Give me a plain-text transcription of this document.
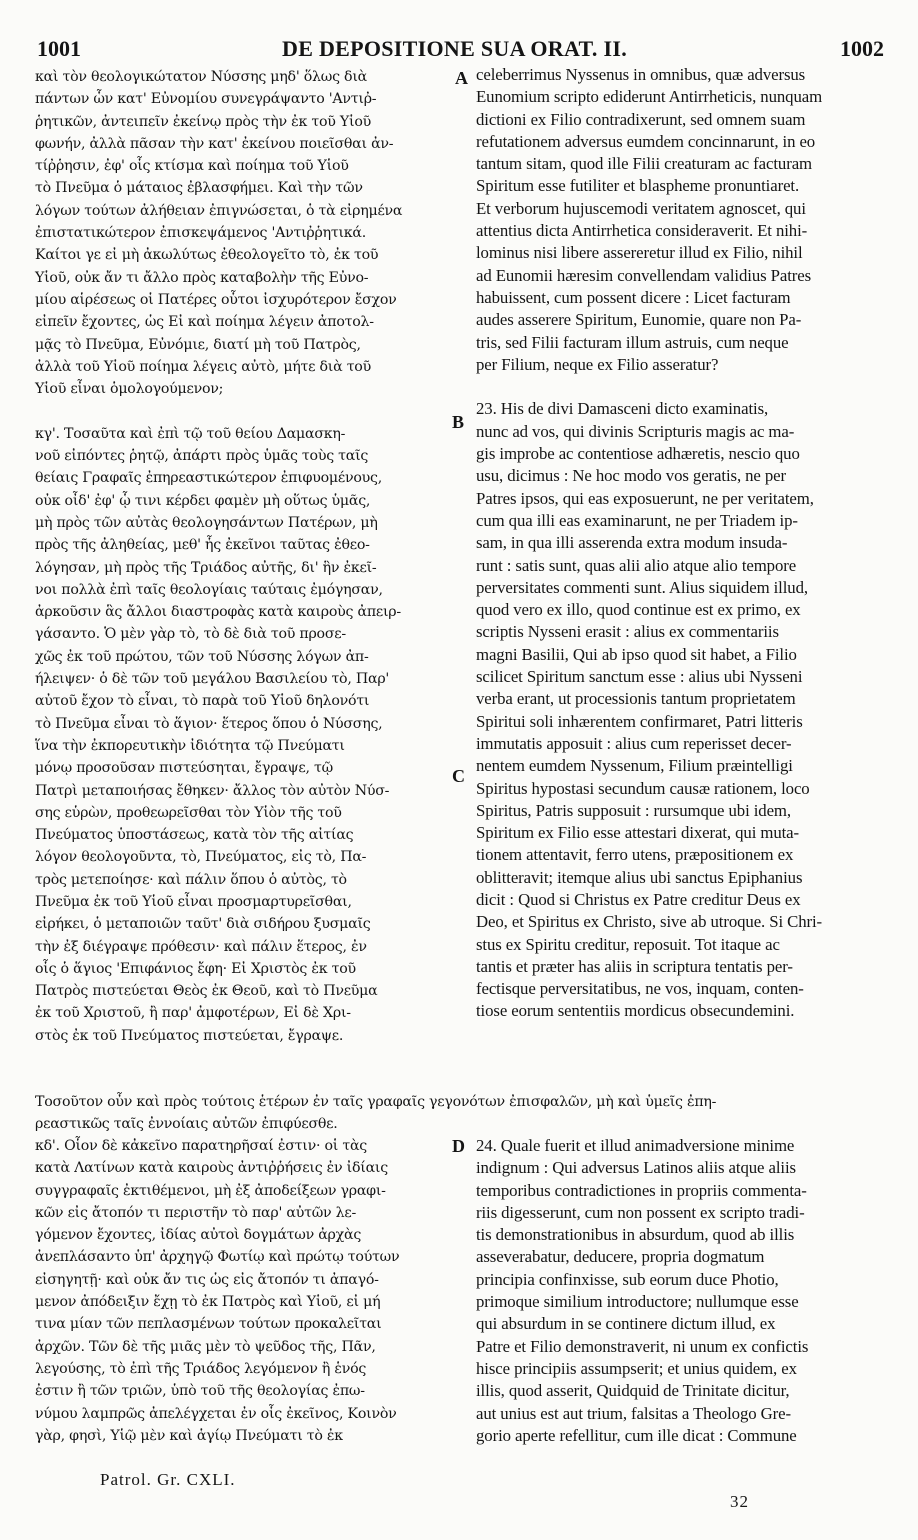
1001	DE DEPOSITIONE SUA ORAT. II.	1002
καὶ τὸν θεολογικώτατον Νύσσης μηδ' ὅλως διὰ
πάντων ὧν κατ' Εὐνομίου συνεγράψαντο 'Αντιῤ-
ῥητικῶν, ἀντειπεῖν ἐκείνῳ πρὸς τὴν ἐκ τοῦ Υἱοῦ
φωνήν, ἀλλὰ πᾶσαν τὴν κατ' ἐκείνου ποιεῖσθαι ἀν-
τίῤῥησιν, ἐφ' οἷς κτίσμα καὶ ποίημα τοῦ Υἱοῦ
τὸ Πνεῦμα ὁ μάταιος ἐβλασφήμει. Καὶ τὴν τῶν
λόγων τούτων ἀλήθειαν ἐπιγνώσεται, ὁ τὰ εἰρημένα
ἐπιστατικώτερον ἐπισκεψάμενος 'Αντιῤῥητικά.
Καίτοι γε εἰ μὴ ἀκωλύτως ἐθεολογεῖτο τὸ, ἐκ τοῦ
Υἱοῦ, οὐκ ἄν τι ἄλλο πρὸς καταβολὴν τῆς Εὐνο-
μίου αἱρέσεως οἱ Πατέρες οὗτοι ἰσχυρότερον ἔσχον
εἰπεῖν ἔχοντες, ὡς Εἰ καὶ ποίημα λέγειν ἀποτολ-
μᾷς τὸ Πνεῦμα, Εὐνόμιε, διατί μὴ τοῦ Πατρὸς,
ἀλλὰ τοῦ Υἱοῦ ποίημα λέγεις αὐτὸ, μήτε διὰ τοῦ
Υἱοῦ εἶναι ὁμολογούμενον;
κγ'. Τοσαῦτα καὶ ἐπὶ τῷ τοῦ θείου Δαμασκη-
νοῦ εἰπόντες ῥητῷ, ἀπάρτι πρὸς ὑμᾶς τοὺς ταῖς
θείαις Γραφαῖς ἐπηρεαστικώτερον ἐπιφυομένους,
οὐκ οἶδ' ἐφ' ᾧ τινι κέρδει φαμὲν μὴ οὕτως ὑμᾶς,
μὴ πρὸς τῶν αὐτὰς θεολογησάντων Πατέρων, μὴ
πρὸς τῆς ἀληθείας, μεθ' ἧς ἐκεῖνοι ταῦτας ἐθεο-
λόγησαν, μὴ πρὸς τῆς Τριάδος αὐτῆς, δι' ἣν ἐκεῖ-
νοι πολλὰ ἐπὶ ταῖς θεολογίαις ταύταις ἐμόγησαν,
ἀρκοῦσιν ἃς ἄλλοι διαστροφὰς κατὰ καιροὺς ἀπειρ-
γάσαντο. Ὁ μὲν γὰρ τὸ, τὸ δὲ διὰ τοῦ προσε-
χῶς ἐκ τοῦ πρώτου, τῶν τοῦ Νύσσης λόγων ἀπ-
ήλειψεν· ὁ δὲ τῶν τοῦ μεγάλου Βασιλείου τὸ, Παρ'
αὐτοῦ ἔχον τὸ εἶναι, τὸ παρὰ τοῦ Υἱοῦ δηλονότι
τὸ Πνεῦμα εἶναι τὸ ἅγιον· ἕτερος ὅπου ὁ Νύσσης,
ἵνα τὴν ἐκπορευτικὴν ἰδιότητα τῷ Πνεύματι
μόνῳ προσοῦσαν πιστεύσηται, ἔγραψε, τῷ
Πατρὶ μεταποιήσας ἔθηκεν· ἄλλος τὸν αὐτὸν Νύσ-
σης εὑρὼν, προθεωρεῖσθαι τὸν Υἱὸν τῆς τοῦ
Πνεύματος ὑποστάσεως, κατὰ τὸν τῆς αἰτίας
λόγον θεολογοῦντα, τὸ, Πνεύματος, εἰς τὸ, Πα-
τρὸς μετεποίησε· καὶ πάλιν ὅπου ὁ αὐτὸς, τὸ
Πνεῦμα ἐκ τοῦ Υἱοῦ εἶναι προσμαρτυρεῖσθαι,
εἰρήκει, ὁ μεταποιῶν ταῦτ' διὰ σιδήρου ξυσμαῖς
τὴν ἐξ διέγραψε πρόθεσιν· καὶ πάλιν ἕτερος, ἐν
οἷς ὁ ἅγιος 'Επιφάνιος ἔφη· Εἰ Χριστὸς ἐκ τοῦ
Πατρὸς πιστεύεται Θεὸς ἐκ Θεοῦ, καὶ τὸ Πνεῦμα
ἐκ τοῦ Χριστοῦ, ἢ παρ' ἀμφοτέρων, Εἰ δὲ Χρι-
στὸς ἐκ τοῦ Πνεύματος πιστεύεται, ἔγραψε.
celeberrimus Nyssenus in omnibus, quæ adversus
Eunomium scripto ediderunt Antirrheticis, nunquam
dictioni ex Filio contradixerunt, sed omnem suam
refutationem adversus eumdem concinnarunt, in eo
tantum sitam, quod ille Filii creaturam ac facturam
Spiritum esse futiliter et blaspheme pronuntiaret.
Et verborum hujuscemodi veritatem agnoscet, qui
attentius dicta Antirrhetica consideraverit. Et nihi-
lominus nisi libere assereretur illud ex Filio, nihil
ad Eunomii hæresim convellendam validius Patres
habuissent, cum possent dicere : Licet facturam
audes asserere Spiritum, Eunomie, quare non Pa-
tris, sed Filii facturam illum astruis, cum neque
per Filium, neque ex Filio asseratur?
23. His de divi Damasceni dicto examinatis,
nunc ad vos, qui divinis Scripturis magis ac ma-
gis improbe ac contentiose adhæretis, nescio quo
usu, dicimus : Ne hoc modo vos geratis, ne per
Patres ipsos, qui eas exposuerunt, ne per veritatem,
cum qua illi eas examinarunt, ne per Triadem ip-
sam, in qua illi asserenda extra modum insuda-
runt : satis sunt, quas alii alio atque alio tempore
perversitates commenti sunt. Alius siquidem illud,
quod vero ex illo, quod continue est ex primo, ex
scriptis Nysseni erasit : alius ex commentariis
magni Basilii, Qui ab ipso quod sit habet, a Filio
scilicet Spiritum sanctum esse : alius ubi Nysseni
verba erant, ut processionis tantum proprietatem
Spiritui soli inhærentem confirmaret, Patri litteris
immutatis apposuit : alius cum reperisset decer-
nentem eumdem Nyssenum, Filium præintelligi
Spiritus hypostasi secundum causæ rationem, loco
Spiritus, Patris supposuit : rursumque ubi idem,
Spiritum ex Filio esse attestari dixerat, qui muta-
tionem attentavit, ferro utens, præpositionem ex
oblitteravit; itemque alius ubi sanctus Epiphanius
dicit : Quod si Christus ex Patre creditur Deus ex
Deo, et Spiritus ex Christo, sive ab utroque. Si Chri-
stus ex Spiritu creditur, reposuit. Tot itaque ac
tantis et præter has aliis in scriptura tentatis per-
fectisque perversitatibus, ne vos, inquam, conten-
tiose eorum sententiis mordicus obsecundemini.
Τοσοῦτον οὖν καὶ πρὸς τούτοις ἑτέρων ἐν ταῖς γραφαῖς γεγονότων ἐπισφαλῶν, μὴ καὶ ὑμεῖς ἐπη-
ρεαστικῶς ταῖς ἐννοίαις αὐτῶν ἐπιφύεσθε.
κδ'. Οἷον δὲ κἀκεῖνο παρατηρῆσαί ἐστιν· οἱ τὰς
κατὰ Λατίνων κατὰ καιροὺς ἀντιῤῥήσεις ἐν ἰδίαις
συγγραφαῖς ἐκτιθέμενοι, μὴ ἐξ ἀποδείξεων γραφι-
κῶν εἰς ἄτοπόν τι περιστῆν τὸ παρ' αὐτῶν λε-
γόμενον ἔχοντες, ἰδίας αὐτοὶ δογμάτων ἀρχὰς
ἀνεπλάσαντο ὑπ' ἀρχηγῷ Φωτίῳ καὶ πρώτῳ τούτων
εἰσηγητῇ· καὶ οὐκ ἄν τις ὡς εἰς ἄτοπόν τι ἀπαγό-
μενον ἀπόδειξιν ἔχῃ τὸ ἐκ Πατρὸς καὶ Υἱοῦ, εἰ μή
τινα μίαν τῶν πεπλασμένων τούτων προκαλεῖται
ἀρχῶν. Τῶν δὲ τῆς μιᾶς μὲν τὸ ψεῦδος τῆς, Πᾶν,
λεγούσης, τὸ ἐπὶ τῆς Τριάδος λεγόμενον ἢ ἑνός
ἐστιν ἢ τῶν τριῶν, ὑπὸ τοῦ τῆς θεολογίας ἐπω-
νύμου λαμπρῶς ἀπελέγχεται ἐν οἷς ἐκεῖνος, Κοινὸν
γὰρ, φησὶ, Υἱῷ μὲν καὶ ἁγίῳ Πνεύματι τὸ ἐκ
24. Quale fuerit et illud animadversione minime
indignum : Qui adversus Latinos aliis atque aliis
temporibus contradictiones in propriis commenta-
riis digesserunt, cum non possent ex scripto tradi-
tis demonstrationibus in absurdum, quod ab illis
asseverabatur, deducere, propria dogmatum
principia confinxisse, sub eorum duce Photio,
primoque similium introductore; nullumque esse
qui absurdum in se continere dictum illud, ex
Patre et Filio demonstraverit, ni unum ex confictis
hisce principiis assumpserit; et unius quidem, ex
illis, quod asserit, Quidquid de Trinitate dicitur,
aut unius est aut trium, falsitas a Theologo Gre-
gorio aperte refellitur, cum ille dicat : Commune
A
B
C
D
Patrol. Gr. CXLI.
32
